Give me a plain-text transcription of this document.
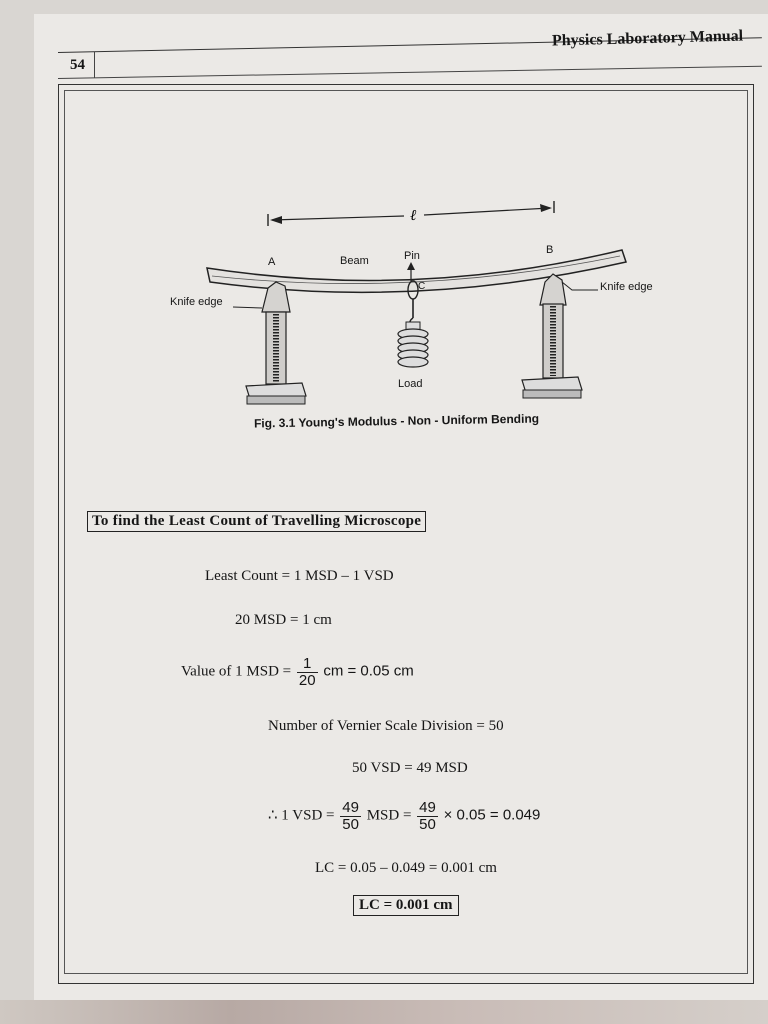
54
Physics Laboratory Manual
ℓ
A
B
Beam	Pin
C
Knife edge
Knife edge
Load
Fig. 3.1 Young's Modulus - Non - Uniform Bending
To find the Least Count of Travelling Microscope
Least Count = 1 MSD – 1 VSD
20 MSD = 1 cm
Value of 1 MSD = $\frac{1}{20}$ cm = 0.05 cm
Number of Vernier Scale Division = 50
50 VSD = 49 MSD
∴ 1 VSD = $\frac{49}{50}$ MSD = $\frac{49}{50} \times 0.05 = 0.049$
LC = 0.05 – 0.049 = 0.001 cm
LC = 0.001 cm
